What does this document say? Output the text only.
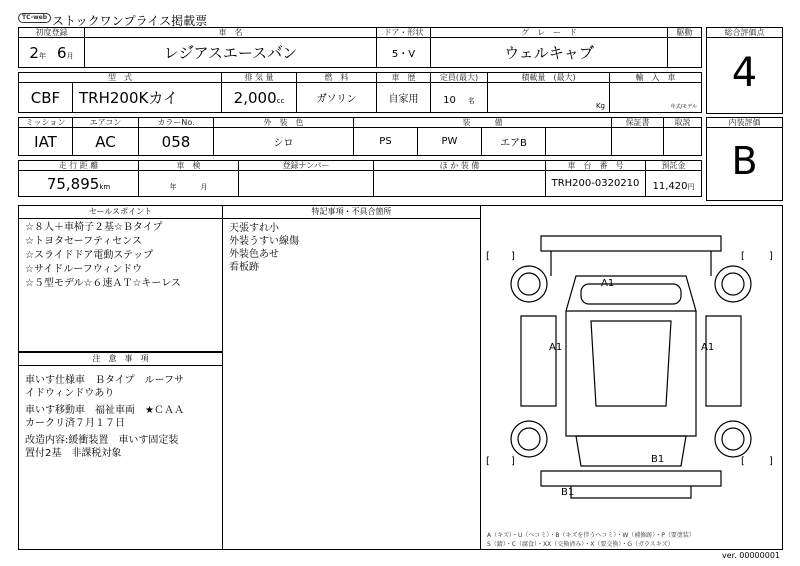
TC-web ストックワンプライス掲載票
初度登録	車　名	ドア・形状	グ　レ　ー　ド	駆動
2年 6月	レジ゙アスエースバ゙ン	5・V	ウェルキャブ゙	
型　式		排 気 量	燃　料	車　歴	定員(最大)	積載量　(最大)	輸　入　車
CBF	TRH200Kカイ	2,000cc	ガ゙ソリン	自家用	10 名	Kg	年式/モデル
ミッション	エアコン	カラーNo.	外　装　色	装　　　備				保証書	取説
IAT	AC	058	シロ	PS	PW	エアB			
走 行 距 離	車　検	登録ナンバー	ほ か 装 備	車　台　番　号	預託金
75,895km	年 月			TRH200-0320210	11,420円
総合評価点
4
内装評価
B
セールスポイント
☆８人＋車椅子２基☆Ｂタイプ
☆トヨタセーフティセンス
☆スライドドア電動ステップ
☆サイドルーフウィンドウ
☆５型モデル☆６速ＡＴ☆キーレス
注　意　事　項
車いす仕様車　Ｂタイプ　ルーフサ
イドウィンドウあり
車いす移動車　福祉車両　★ＣＡＡ
カークリ済７月１７日
改造内容:緩衝装置　車いす固定装
置付2基　非課税対象
特記事項・不具合箇所
天張すれ小
外装うすい線傷
外装色あせ
看板跡
[ ]	[ ]
[ ]	[ ]
A1
A1	A1
B1
B1
A（キズ）・U（ヘコミ）・B（キズを伴うヘコミ）・W（補修跡）・P（要塗装）
S（錆）・C（腐食）・XX（交換済み）・X（要交換）・G（ガラスキズ）
ver. 00000001
